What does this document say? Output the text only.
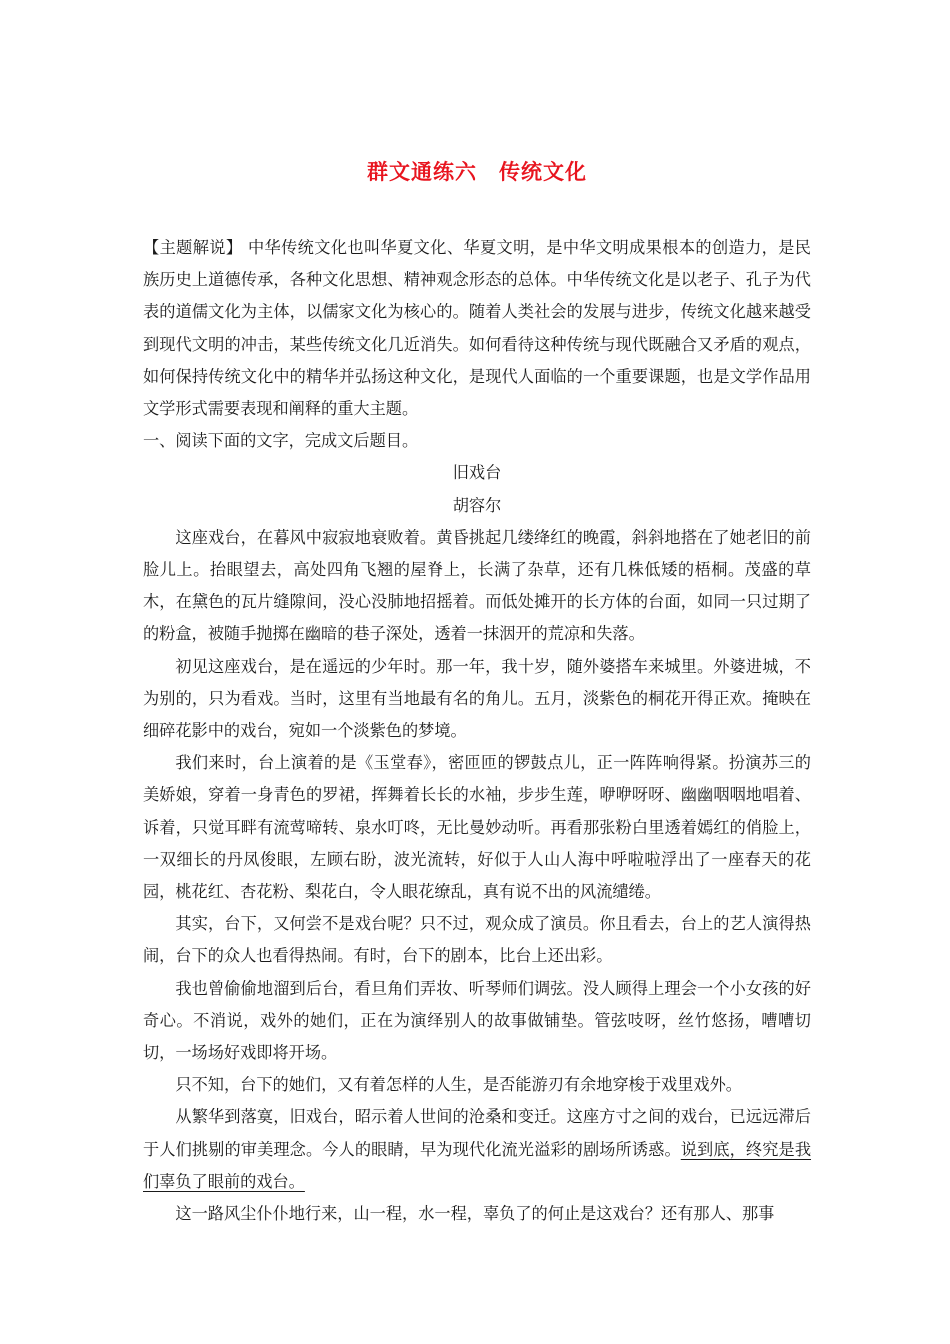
群文通练六 传统文化

【主题解说】 中华传统文化也叫华夏文化、华夏文明，是中华文明成果根本的创造力，是民族历史上道德传承，各种文化思想、精神观念形态的总体。中华传统文化是以老子、孔子为代表的道儒文化为主体，以儒家文化为核心的。随着人类社会的发展与进步，传统文化越来越受到现代文明的冲击，某些传统文化几近消失。如何看待这种传统与现代既融合又矛盾的观点，如何保持传统文化中的精华并弘扬这种文化，是现代人面临的一个重要课题，也是文学作品用文学形式需要表现和阐释的重大主题。

一、阅读下面的文字，完成文后题目。

旧戏台

胡容尔

这座戏台，在暮风中寂寂地衰败着。黄昏挑起几缕绛红的晚霞，斜斜地搭在了她老旧的前脸儿上。抬眼望去，高处四角飞翘的屋脊上，长满了杂草，还有几株低矮的梧桐。茂盛的草木，在黛色的瓦片缝隙间，没心没肺地招摇着。而低处摊开的长方体的台面，如同一只过期了的粉盒，被随手抛掷在幽暗的巷子深处，透着一抹洇开的荒凉和失落。

初见这座戏台，是在遥远的少年时。那一年，我十岁，随外婆搭车来城里。外婆进城，不为别的，只为看戏。当时，这里有当地最有名的角儿。五月，淡紫色的桐花开得正欢。掩映在细碎花影中的戏台，宛如一个淡紫色的梦境。

我们来时，台上演着的是《玉堂春》，密匝匝的锣鼓点儿，正一阵阵响得紧。扮演苏三的美娇娘，穿着一身青色的罗裙，挥舞着长长的水袖，步步生莲，咿咿呀呀、幽幽咽咽地唱着、诉着，只觉耳畔有流莺啼转、泉水叮咚，无比曼妙动听。再看那张粉白里透着嫣红的俏脸上，一双细长的丹凤俊眼，左顾右盼，波光流转，好似于人山人海中呼啦啦浮出了一座春天的花园，桃花红、杏花粉、梨花白，令人眼花缭乱，真有说不出的风流缱绻。

其实，台下，又何尝不是戏台呢？只不过，观众成了演员。你且看去，台上的艺人演得热闹，台下的众人也看得热闹。有时，台下的剧本，比台上还出彩。

我也曾偷偷地溜到后台，看旦角们弄妆、听琴师们调弦。没人顾得上理会一个小女孩的好奇心。不消说，戏外的她们，正在为演绎别人的故事做铺垫。管弦吱呀，丝竹悠扬，嘈嘈切切，一场场好戏即将开场。

只不知，台下的她们，又有着怎样的人生，是否能游刃有余地穿梭于戏里戏外。

从繁华到落寞，旧戏台，昭示着人世间的沧桑和变迁。这座方寸之间的戏台，已远远滞后于人们挑剔的审美理念。今人的眼睛，早为现代化流光溢彩的剧场所诱惑。说到底，终究是我们辜负了眼前的戏台。

这一路风尘仆仆地行来，山一程，水一程，辜负了的何止是这戏台？还有那人、那事
